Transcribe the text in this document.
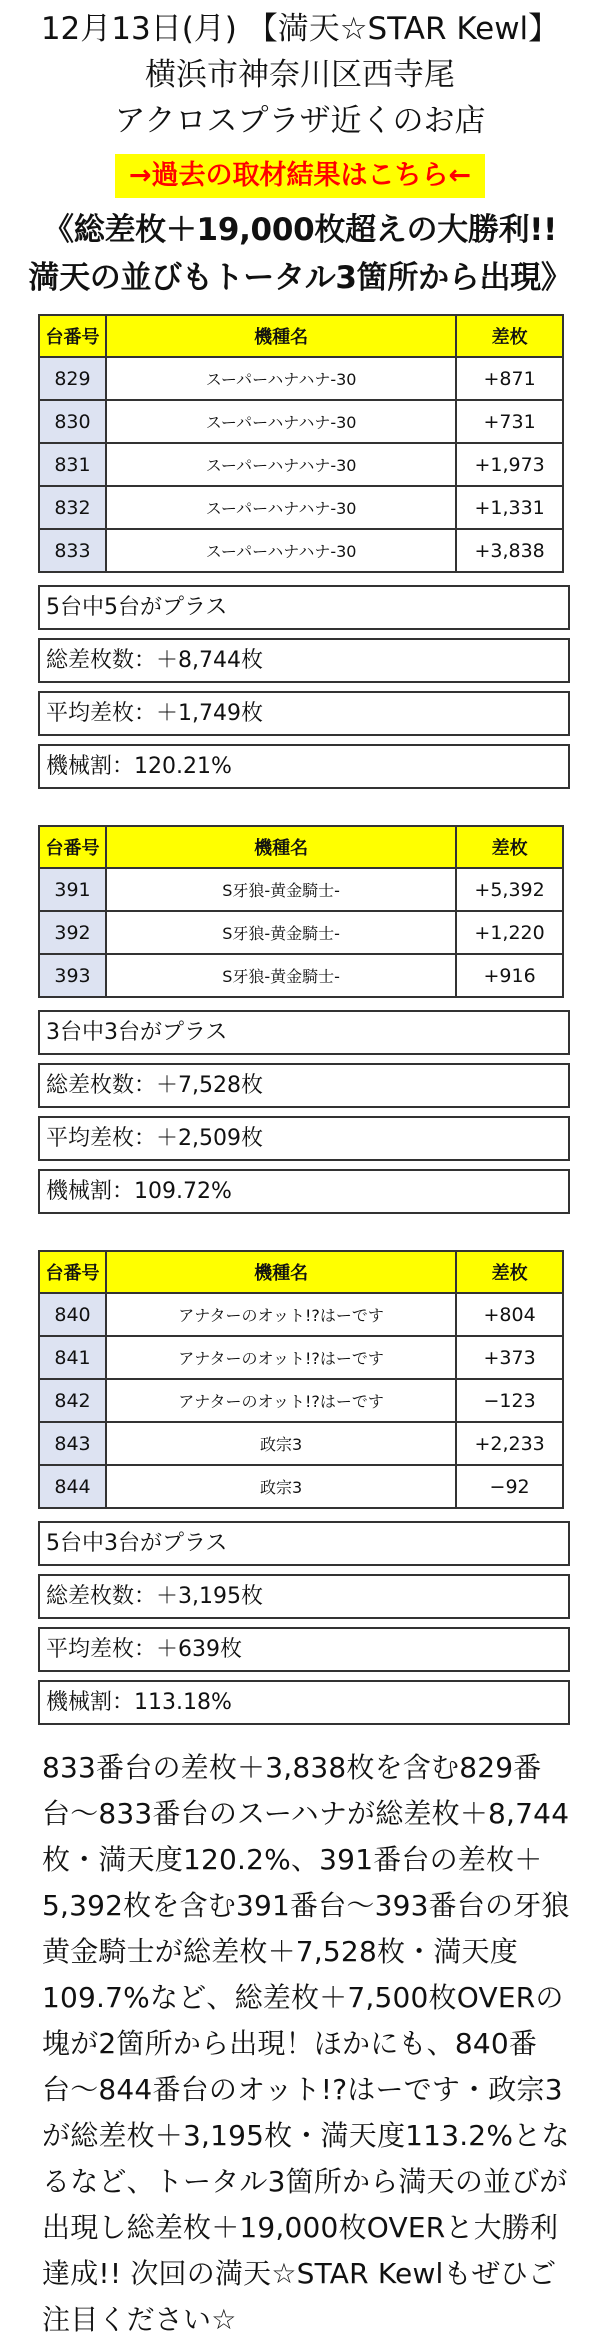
12月13日(月) 【満天☆STAR Kewl】
横浜市神奈川区西寺尾
アクロスプラザ近くのお店
→過去の取材結果はこちら←
《総差枚＋19,000枚超えの大勝利!!
満天の並びもトータル3箇所から出現》
台番号	機種名	差枚
829	スーパーハナハナ-30	+871
830	スーパーハナハナ-30	+731
831	スーパーハナハナ-30	+1,973
832	スーパーハナハナ-30	+1,331
833	スーパーハナハナ-30	+3,838
5台中5台がプラス
総差枚数：＋8,744枚
平均差枚：＋1,749枚
機械割：120.21%
台番号	機種名	差枚
391	S牙狼-黄金騎士-	+5,392
392	S牙狼-黄金騎士-	+1,220
393	S牙狼-黄金騎士-	+916
3台中3台がプラス
総差枚数：＋7,528枚
平均差枚：＋2,509枚
機械割：109.72%
台番号	機種名	差枚
840	アナターのオット!?はーです	+804
841	アナターのオット!?はーです	+373
842	アナターのオット!?はーです	−123
843	政宗3	+2,233
844	政宗3	−92
5台中3台がプラス
総差枚数：＋3,195枚
平均差枚：＋639枚
機械割：113.18%
833番台の差枚＋3,838枚を含む829番台〜833番台のスーハナが総差枚＋8,744枚・満天度120.2%、391番台の差枚＋5,392枚を含む391番台〜393番台の牙狼黄金騎士が総差枚＋7,528枚・満天度109.7%など、総差枚＋7,500枚OVERの塊が2箇所から出現！ほかにも、840番台〜844番台のオット!?はーです・政宗3が総差枚＋3,195枚・満天度113.2%となるなど、トータル3箇所から満天の並びが出現し総差枚＋19,000枚OVERと大勝利達成!! 次回の満天☆STAR Kewlもぜひご注目ください☆
